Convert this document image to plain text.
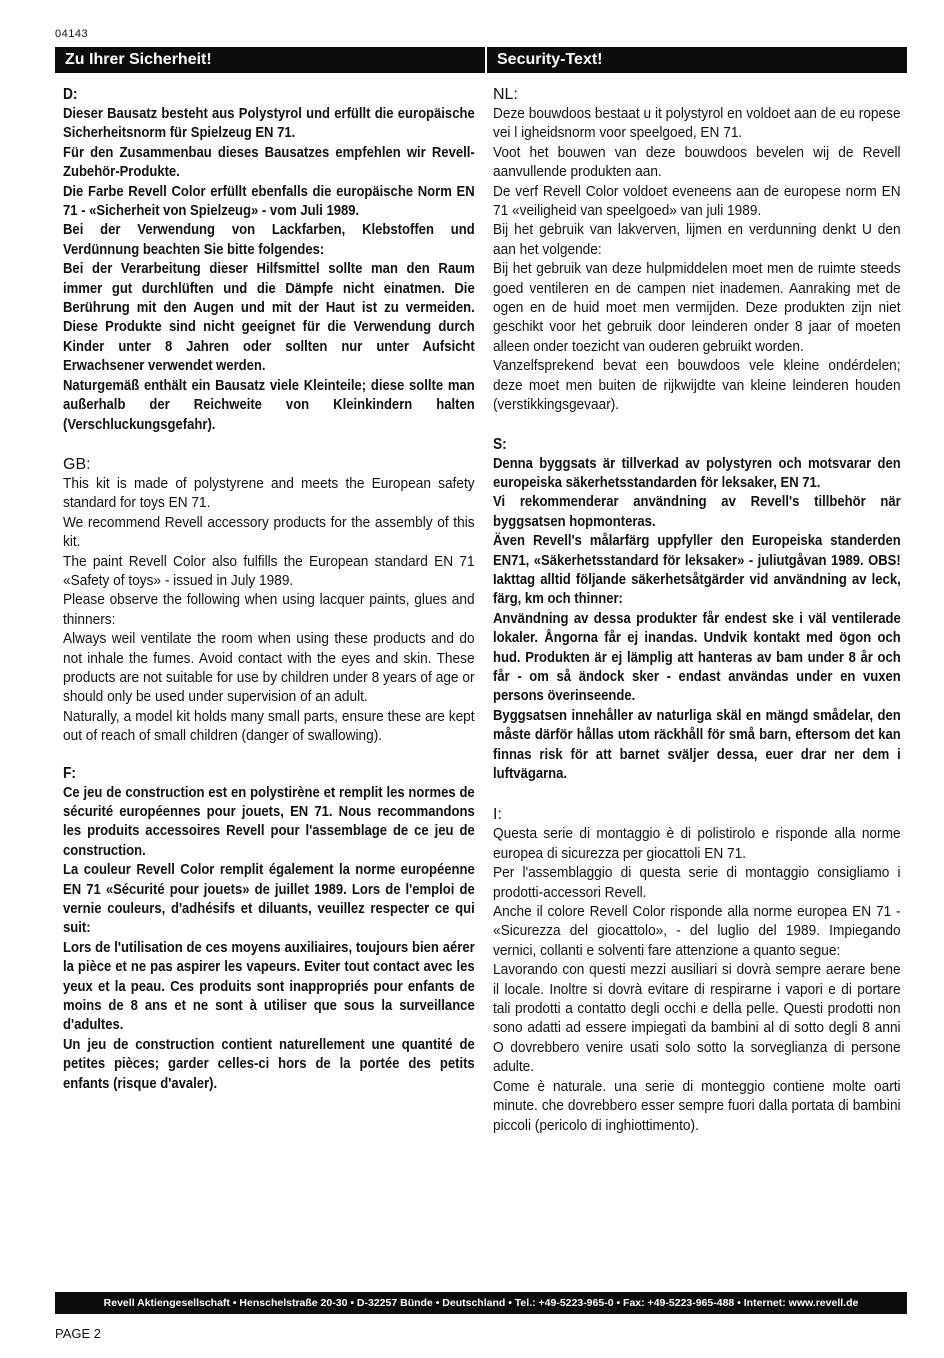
04143
Zu Ihrer Sicherheit!	Security-Text!
D:

Dieser Bausatz besteht aus Polystyrol und erfüllt die europäische Sicherheitsnorm für Spielzeug EN 71.

Für den Zusammenbau dieses Bausatzes empfehlen wir Revell-Zubehör-Produkte.

Die Farbe Revell Color erfüllt ebenfalls die europäische Norm EN 71 - «Sicherheit von Spielzeug» - vom Juli 1989.

Bei der Verwendung von Lackfarben, Klebstoffen und Verdünnung beachten Sie bitte folgendes:

Bei der Verarbeitung dieser Hilfsmittel sollte man den Raum immer gut durchlüften und die Dämpfe nicht einatmen. Die Berührung mit den Augen und mit der Haut ist zu vermeiden. Diese Produkte sind nicht geeignet für die Verwendung durch Kinder unter 8 Jahren oder sollten nur unter Aufsicht Erwachsener verwendet werden.

Naturgemäß enthält ein Bausatz viele Kleinteile; diese sollte man außerhalb der Reichweite von Kleinkindern halten (Verschluckungsgefahr).

GB:

This kit is made of polystyrene and meets the European safety standard for toys EN 71.

We recommend Revell accessory products for the assembly of this kit.

The paint Revell Color also fulfills the European standard EN 71 «Safety of toys» - issued in July 1989.

Please observe the following when using lacquer paints, glues and thinners:

Always weil ventilate the room when using these products and do not inhale the fumes. Avoid contact with the eyes and skin. These products are not suitable for use by children under 8 years of age or should only be used under supervision of an adult.

Naturally, a model kit holds many small parts, ensure these are kept out of reach of small children (danger of swallowing).

F:

Ce jeu de construction est en polystirène et remplit les normes de sécurité européennes pour jouets, EN 71. Nous recommandons les produits accessoires Revell pour l'assemblage de ce jeu de construction.

La couleur Revell Color remplit également la norme européenne EN 71 «Sécurité pour jouets» de juillet 1989. Lors de l'emploi de vernie couleurs, d'adhésifs et diluants, veuillez respecter ce qui suit:

Lors de l'utilisation de ces moyens auxiliaires, toujours bien aérer la pièce et ne pas aspirer les vapeurs. Eviter tout contact avec les yeux et la peau. Ces produits sont inappropriés pour enfants de moins de 8 ans et ne sont à utiliser que sous la surveillance d'adultes.

Un jeu de construction contient naturellement une quantité de petites pièces; garder celles-ci hors de la portée des petits enfants (risque d'avaler).

NL:

Deze bouwdoos bestaat u it polystyrol en voldoet aan de eu ropese vei l igheidsnorm voor speelgoed, EN 71.

Voot het bouwen van deze bouwdoos bevelen wij de Revell aanvullende produkten aan.

De verf Revell Color voldoet eveneens aan de europese norm EN 71 «veiligheid van speelgoed» van juli 1989.

Bij het gebruik van lakverven, lijmen en verdunning denkt U den aan het volgende:

Bij het gebruik van deze hulpmiddelen moet men de ruimte steeds goed ventileren en de campen niet inademen. Aanraking met de ogen en de huid moet men vermijden. Deze produkten zijn niet geschikt voor het gebruik door leinderen onder 8 jaar of moeten alleen onder toezicht van ouderen gebruikt worden.

Vanzelfsprekend bevat een bouwdoos vele kleine ondérdelen; deze moet men buiten de rijkwijdte van kleine leinderen houden (verstikkingsgevaar).

S:

Denna byggsats är tillverkad av polystyren och motsvarar den europeiska säkerhetsstandarden för leksaker, EN 71.

Vi rekommenderar användning av Revell's tillbehör när byggsatsen hopmonteras.

Även Revell's målarfärg uppfyller den Europeiska standerden EN71, «Säkerhetsstandard för leksaker» - juliutgåvan 1989. OBS! Iakttag alltid följande säkerhetsåtgärder vid användning av leck, färg, km och thinner:

Användning av dessa produkter får endest ske i väl ventilerade lokaler. Ångorna får ej inandas. Undvik kontakt med ögon och hud. Produkten är ej lämplig att hanteras av bam under 8 år och får - om så ändock sker - endast användas under en vuxen persons överinseende.

Byggsatsen innehåller av naturliga skäl en mängd smådelar, den måste därför hållas utom räckhåll för små barn, eftersom det kan finnas risk för att barnet sväljer dessa, euer drar ner dem i luftvägarna.

I:

Questa serie di montaggio è di polistirolo e risponde alla norme europea di sicurezza per giocattoli EN 71.

Per l'assemblaggio di questa serie di montaggio consigliamo i prodotti-accessori Revell.

Anche il colore Revell Color risponde alla norme europea EN 71 - «Sicurezza del giocattolo», - del luglio del 1989. Impiegando vernici, collanti e solventi fare attenzione a quanto segue:

Lavorando con questi mezzi ausiliari si dovrà sempre aerare bene il locale. Inoltre si dovrà evitare di respirarne i vapori e di portare tali prodotti a contatto degli occhi e della pelle. Questi prodotti non sono adatti ad essere impiegati da bambini al di sotto degli 8 anni O dovrebbero venire usati solo sotto la sorveglianza di persone adulte.

Come è naturale. una serie di monteggio contiene molte oarti minute. che dovrebbero esser sempre fuori dalla portata di bambini piccoli (pericolo di inghiottimento).

Revell Aktiengesellschaft • Henschelstraße 20-30 • D-32257 Bünde • Deutschland • Tel.: +49-5223-965-0 • Fax: +49-5223-965-488 • Internet: www.revell.de
PAGE 2
